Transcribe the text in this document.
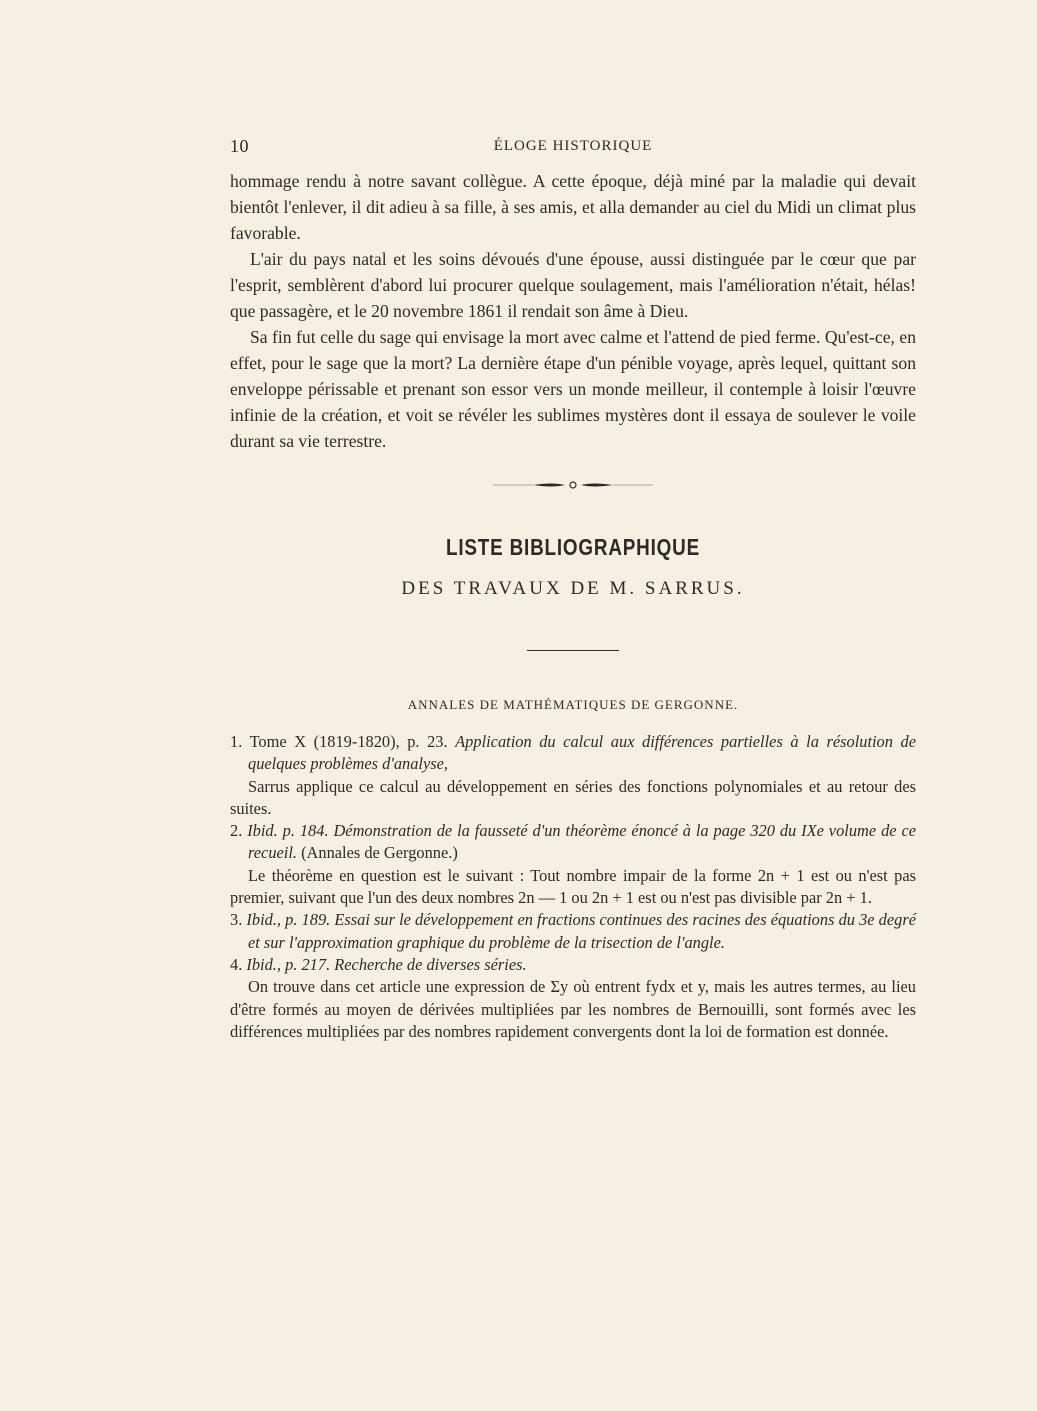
10	ÉLOGE HISTORIQUE

hommage rendu à notre savant collègue. A cette époque, déjà miné par la maladie qui devait bientôt l'enlever, il dit adieu à sa fille, à ses amis, et alla demander au ciel du Midi un climat plus favorable.

L'air du pays natal et les soins dévoués d'une épouse, aussi distinguée par le cœur que par l'esprit, semblèrent d'abord lui procurer quelque soulagement, mais l'amélioration n'était, hélas! que passagère, et le 20 novembre 1861 il rendait son âme à Dieu.

Sa fin fut celle du sage qui envisage la mort avec calme et l'attend de pied ferme. Qu'est-ce, en effet, pour le sage que la mort? La dernière étape d'un pénible voyage, après lequel, quittant son enveloppe périssable et prenant son essor vers un monde meilleur, il contemple à loisir l'œuvre infinie de la création, et voit se révéler les sublimes mystères dont il essaya de soulever le voile durant sa vie terrestre.

LISTE BIBLIOGRAPHIQUE
DES TRAVAUX DE M. SARRUS.
ANNALES DE MATHÉMATIQUES DE GERGONNE.

1. Tome X (1819-1820), p. 23. Application du calcul aux différences partielles à la résolution de quelques problèmes d'analyse,

Sarrus applique ce calcul au développement en séries des fonctions polynomiales et au retour des suites.

2. Ibid. p. 184. Démonstration de la fausseté d'un théorème énoncé à la page 320 du IXe volume de ce recueil. (Annales de Gergonne.)

Le théorème en question est le suivant : Tout nombre impair de la forme 2n + 1 est ou n'est pas premier, suivant que l'un des deux nombres 2n — 1 ou 2n + 1 est ou n'est pas divisible par 2n + 1.

3. Ibid., p. 189. Essai sur le développement en fractions continues des racines des équations du 3e degré et sur l'approximation graphique du problème de la trisection de l'angle.

4. Ibid., p. 217. Recherche de diverses séries.

On trouve dans cet article une expression de Σy où entrent fydx et y, mais les autres termes, au lieu d'être formés au moyen de dérivées multipliées par les nombres de Bernouilli, sont formés avec les différences multipliées par des nombres rapidement convergents dont la loi de formation est donnée.
